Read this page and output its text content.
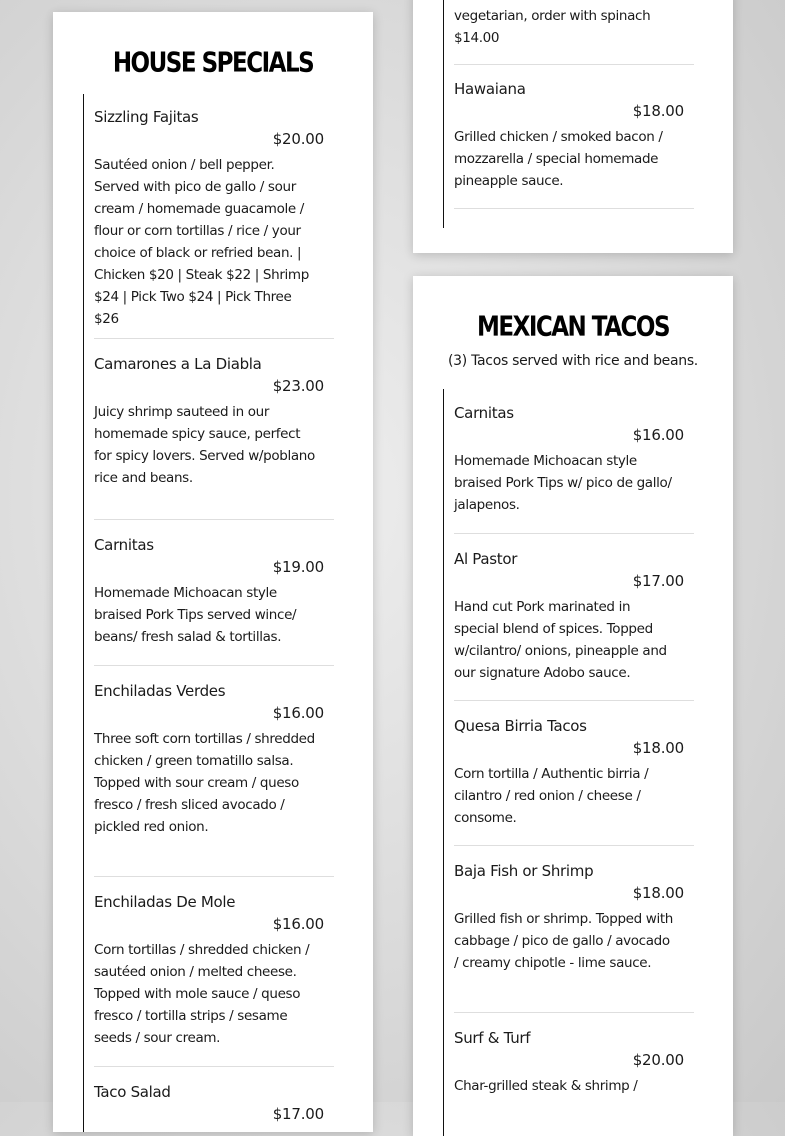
HOUSE SPECIALS
Sizzling Fajitas
$20.00
Sautéed onion / bell pepper. Served with pico de gallo / sour cream / homemade guacamole / flour or corn tortillas / rice / your choice of black or refried bean. | Chicken $20 | Steak $22 | Shrimp $24 | Pick Two $24 | Pick Three $26
Camarones a La Diabla
$23.00
Juicy shrimp sauteed in our homemade spicy sauce, perfect for spicy lovers. Served w/poblano rice and beans.
Carnitas
$19.00
Homemade Michoacan style braised Pork Tips served wince/ beans/ fresh salad & tortillas.
Enchiladas Verdes
$16.00
Three soft corn tortillas / shredded chicken / green tomatillo salsa. Topped with sour cream / queso fresco / fresh sliced avocado / pickled red onion.
Enchiladas De Mole
$16.00
Corn tortillas / shredded chicken / sautéed onion / melted cheese. Topped with mole sauce / queso fresco / tortilla strips / sesame seeds / sour cream.
Taco Salad
$17.00
vegetarian, order with spinach
$14.00
Hawaiana
$18.00
Grilled chicken / smoked bacon / mozzarella / special homemade pineapple sauce.
MEXICAN TACOS
(3) Tacos served with rice and beans.
Carnitas
$16.00
Homemade Michoacan style braised Pork Tips w/ pico de gallo/ jalapenos.
Al Pastor
$17.00
Hand cut Pork marinated in special blend of spices. Topped w/cilantro/ onions, pineapple and our signature Adobo sauce.
Quesa Birria Tacos
$18.00
Corn tortilla / Authentic birria / cilantro / red onion / cheese / consome.
Baja Fish or Shrimp
$18.00
Grilled fish or shrimp. Topped with cabbage / pico de gallo / avocado / creamy chipotle - lime sauce.
Surf & Turf
$20.00
Char-grilled steak & shrimp /
